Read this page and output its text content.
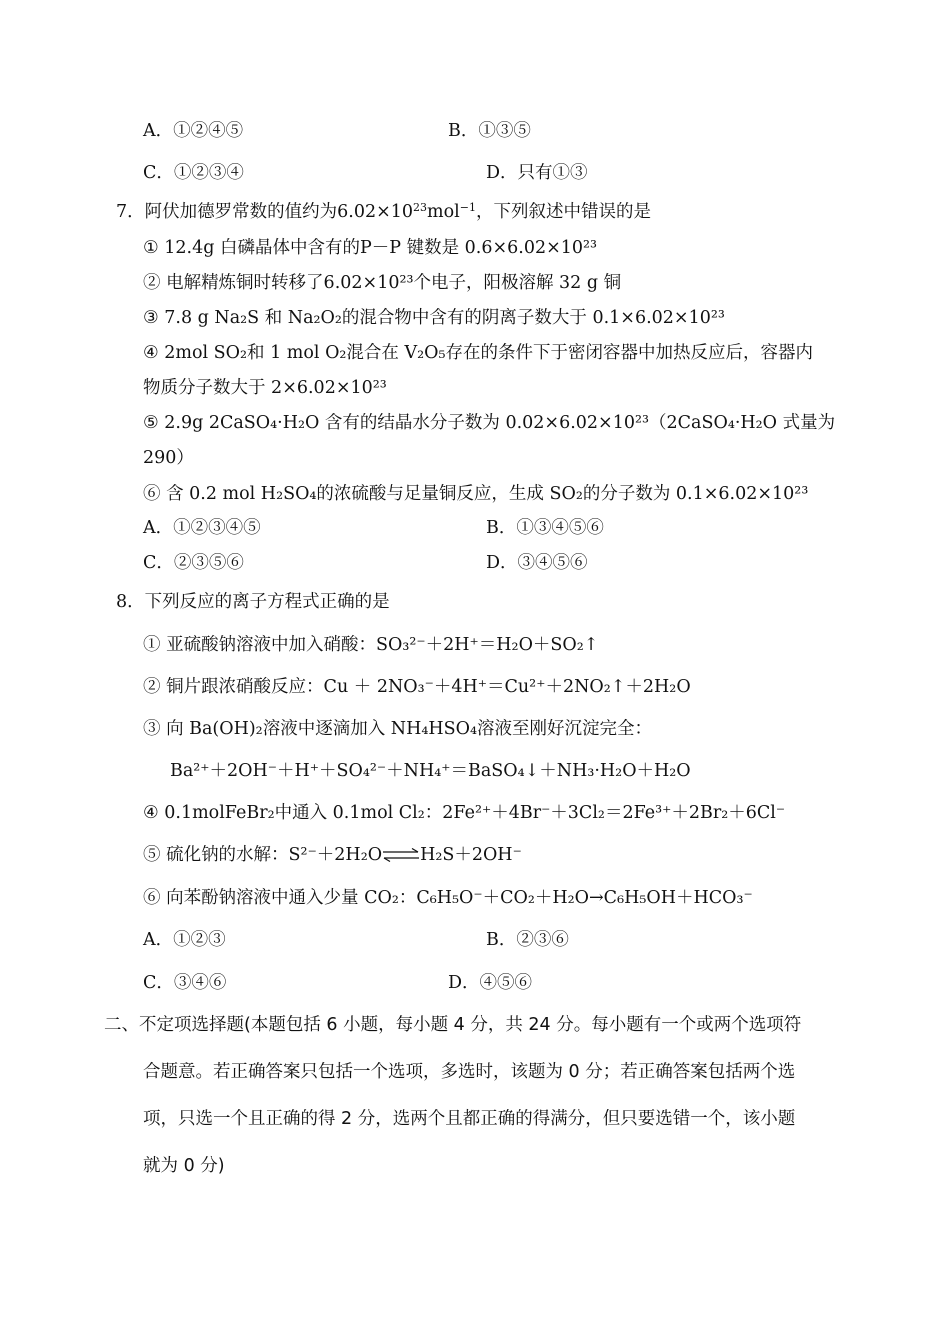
A．①②④⑤	B．①③⑤
C．①②③④	D．只有①③
7．阿伏加德罗常数的值约为$6.02\times 10^{23}mol^{-1}$，下列叙述中错误的是
① 12.4g 白磷晶体中含有的P－P 键数是 0.6×6.02×10²³
② 电解精炼铜时转移了6.02×10²³个电子，阳极溶解 32 g 铜
③ 7.8 g Na₂S 和 Na₂O₂的混合物中含有的阴离子数大于 0.1×6.02×10²³
④ 2mol SO₂和 1 mol O₂混合在 V₂O₅存在的条件下于密闭容器中加热反应后，容器内
物质分子数大于 2×6.02×10²³
⑤ 2.9g 2CaSO₄·H₂O 含有的结晶水分子数为 0.02×6.02×10²³（2CaSO₄·H₂O 式量为
290）
⑥ 含 0.2 mol H₂SO₄的浓硫酸与足量铜反应，生成 SO₂的分子数为 0.1×6.02×10²³
A．①②③④⑤	B．①③④⑤⑥
C．②③⑤⑥	D．③④⑤⑥
8．下列反应的离子方程式正确的是
① 亚硫酸钠溶液中加入硝酸：SO₃²⁻＋2H⁺＝H₂O＋SO₂↑
② 铜片跟浓硝酸反应：Cu ＋ 2NO₃⁻＋4H⁺＝Cu²⁺＋2NO₂↑＋2H₂O
③ 向 Ba(OH)₂溶液中逐滴加入 NH₄HSO₄溶液至刚好沉淀完全：
Ba²⁺＋2OH⁻＋H⁺＋SO₄²⁻＋NH₄⁺＝BaSO₄↓＋NH₃·H₂O＋H₂O
④ 0.1molFeBr₂中通入 0.1mol Cl₂：2Fe²⁺＋4Br⁻＋3Cl₂＝2Fe³⁺＋2Br₂＋6Cl⁻
⑤ 硫化钠的水解：S²⁻＋2H₂O⇌H₂S＋2OH⁻
⑥ 向苯酚钠溶液中通入少量 CO₂：C₆H₅O⁻＋CO₂＋H₂O→C₆H₅OH＋HCO₃⁻
A．①②③	B．②③⑥
C．③④⑥	D．④⑤⑥
二、不定项选择题(本题包括 6 小题，每小题 4 分，共 24 分。每小题有一个或两个选项符
合题意。若正确答案只包括一个选项，多选时，该题为 0 分；若正确答案包括两个选
项，只选一个且正确的得 2 分，选两个且都正确的得满分，但只要选错一个，该小题
就为 0 分)
